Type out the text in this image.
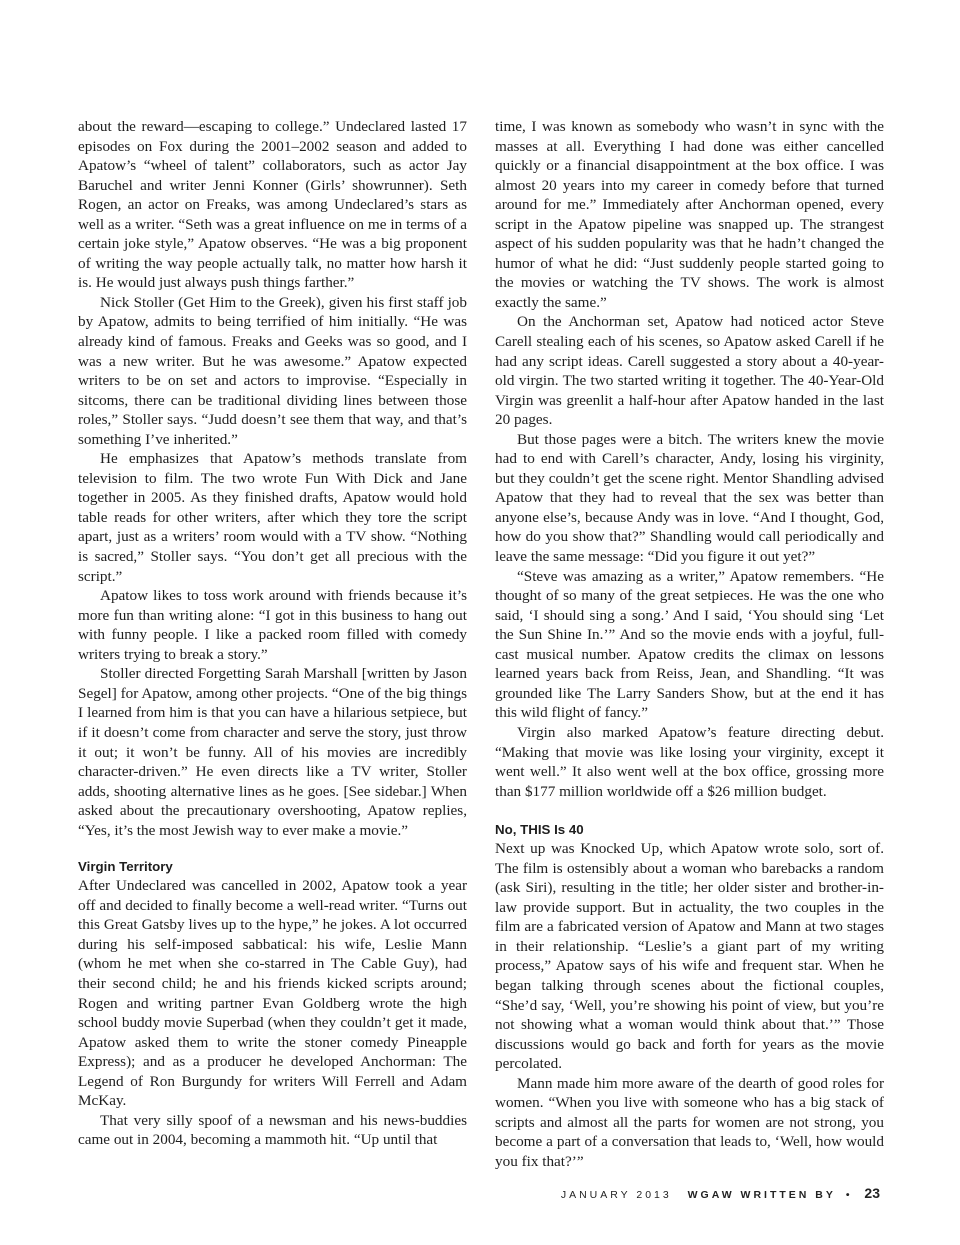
about the reward—escaping to college.” Undeclared lasted 17 episodes on Fox during the 2001–2002 season and added to Apatow’s “wheel of talent” collaborators, such as actor Jay Baruchel and writer Jenni Konner (Girls’ showrunner). Seth Rogen, an actor on Freaks, was among Undeclared’s stars as well as a writer. “Seth was a great influence on me in terms of a certain joke style,” Apatow observes. “He was a big proponent of writing the way people actually talk, no matter how harsh it is. He would just always push things farther.”

Nick Stoller (Get Him to the Greek), given his first staff job by Apatow, admits to being terrified of him initially. “He was already kind of famous. Freaks and Geeks was so good, and I was a new writer. But he was awesome.” Apatow expected writers to be on set and actors to improvise. “Especially in sitcoms, there can be traditional dividing lines between those roles,” Stoller says. “Judd doesn’t see them that way, and that’s something I’ve inherited.”

He emphasizes that Apatow’s methods translate from television to film. The two wrote Fun With Dick and Jane together in 2005. As they finished drafts, Apatow would hold table reads for other writers, after which they tore the script apart, just as a writers’ room would with a TV show. “Nothing is sacred,” Stoller says. “You don’t get all precious with the script.”

Apatow likes to toss work around with friends because it’s more fun than writing alone: “I got in this business to hang out with funny people. I like a packed room filled with comedy writers trying to break a story.”

Stoller directed Forgetting Sarah Marshall [written by Jason Segel] for Apatow, among other projects. “One of the big things I learned from him is that you can have a hilarious setpiece, but if it doesn’t come from character and serve the story, just throw it out; it won’t be funny. All of his movies are incredibly character-driven.” He even directs like a TV writer, Stoller adds, shooting alternative lines as he goes. [See sidebar.] When asked about the precautionary overshooting, Apatow replies, “Yes, it’s the most Jewish way to ever make a movie.”

Virgin Territory

After Undeclared was cancelled in 2002, Apatow took a year off and decided to finally become a well-read writer. “Turns out this Great Gatsby lives up to the hype,” he jokes. A lot occurred during his self-imposed sabbatical: his wife, Leslie Mann (whom he met when she co-starred in The Cable Guy), had their second child; he and his friends kicked scripts around; Rogen and writing partner Evan Goldberg wrote the high school buddy movie Superbad (when they couldn’t get it made, Apatow asked them to write the stoner comedy Pineapple Express); and as a producer he developed Anchorman: The Legend of Ron Burgundy for writers Will Ferrell and Adam McKay.

That very silly spoof of a newsman and his news-buddies came out in 2004, becoming a mammoth hit. “Up until that

time, I was known as somebody who wasn’t in sync with the masses at all. Everything I had done was either cancelled quickly or a financial disappointment at the box office. I was almost 20 years into my career in comedy before that turned around for me.” Immediately after Anchorman opened, every script in the Apatow pipeline was snapped up. The strangest aspect of his sudden popularity was that he hadn’t changed the humor of what he did: “Just suddenly people started going to the movies or watching the TV shows. The work is almost exactly the same.”

On the Anchorman set, Apatow had noticed actor Steve Carell stealing each of his scenes, so Apatow asked Carell if he had any script ideas. Carell suggested a story about a 40-year-old virgin. The two started writing it together. The 40-Year-Old Virgin was greenlit a half-hour after Apatow handed in the last 20 pages.

But those pages were a bitch. The writers knew the movie had to end with Carell’s character, Andy, losing his virginity, but they couldn’t get the scene right. Mentor Shandling advised Apatow that they had to reveal that the sex was better than anyone else’s, because Andy was in love. “And I thought, God, how do you show that?” Shandling would call periodically and leave the same message: “Did you figure it out yet?”

“Steve was amazing as a writer,” Apatow remembers. “He thought of so many of the great setpieces. He was the one who said, ‘I should sing a song.’ And I said, ‘You should sing ‘Let the Sun Shine In.’” And so the movie ends with a joyful, full-cast musical number. Apatow credits the climax on lessons learned years back from Reiss, Jean, and Shandling. “It was grounded like The Larry Sanders Show, but at the end it has this wild flight of fancy.”

Virgin also marked Apatow’s feature directing debut. “Making that movie was like losing your virginity, except it went well.” It also went well at the box office, grossing more than $177 million worldwide off a $26 million budget.

No, THIS Is 40

Next up was Knocked Up, which Apatow wrote solo, sort of. The film is ostensibly about a woman who barebacks a random (ask Siri), resulting in the title; her older sister and brother-in-law provide support. But in actuality, the two couples in the film are a fabricated version of Apatow and Mann at two stages in their relationship. “Leslie’s a giant part of my writing process,” Apatow says of his wife and frequent star. When he began talking through scenes about the fictional couples, “She’d say, ‘Well, you’re showing his point of view, but you’re not showing what a woman would think about that.’” Those discussions would go back and forth for years as the movie percolated.

Mann made him more aware of the dearth of good roles for women. “When you live with someone who has a big stack of scripts and almost all the parts for women are not strong, you become a part of a conversation that leads to, ‘Well, how would you fix that?’”

JANUARY 2013 WGAW WRITTEN BY • 23
